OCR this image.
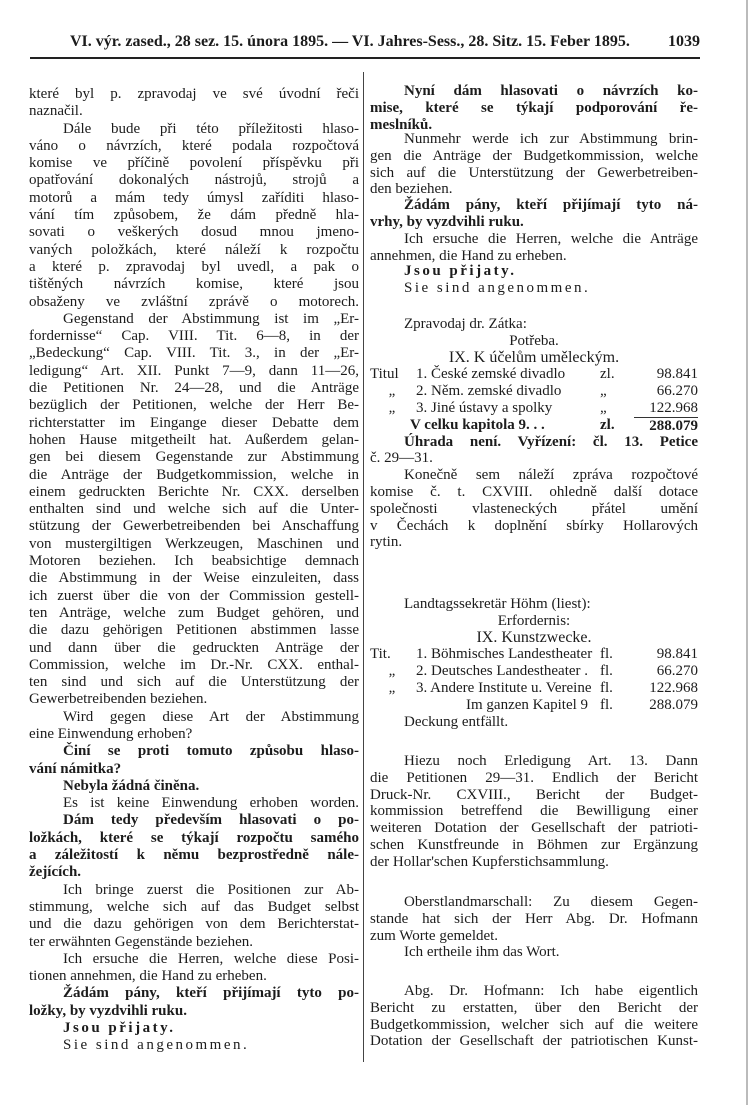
VI. výr. zased., 28 sez. 15. února 1895. — VI. Jahres-Sess., 28. Sitz. 15. Feber 1895. 1039
které byl p. zpravodaj ve své úvodní řeči
naznačil.
Dále bude při této příležitosti hlaso-
váno o návrzích, které podala rozpočtová
komise ve příčině povolení příspěvku při
opatřování dokonalých nástrojů, strojů a
motorů a mám tedy úmysl zaříditi hlaso-
vání tím způsobem, že dám předně hla-
sovati o veškerých dosud mnou jmeno-
vaných položkách, které náleží k rozpočtu
a které p. zpravodaj byl uvedl, a pak o
tištěných návrzích komise, které jsou
obsaženy ve zvláštní zprávě o motorech.
Gegenstand der Abstimmung ist im „Er-
fordernisse“ Cap. VIII. Tit. 6—8, in der
„Bedeckung“ Cap. VIII. Tit. 3., in der „Er-
ledigung“ Art. XII. Punkt 7—9, dann 11—26,
die Petitionen Nr. 24—28, und die Anträge
bezüglich der Petitionen, welche der Herr Be-
richterstatter im Eingange dieser Debatte dem
hohen Hause mitgetheilt hat. Außerdem gelan-
gen bei diesem Gegenstande zur Abstimmung
die Anträge der Budgetkommission, welche in
einem gedruckten Berichte Nr. CXX. derselben
enthalten sind und welche sich auf die Unter-
stützung der Gewerbetreibenden bei Anschaffung
von mustergiltigen Werkzeugen, Maschinen und
Motoren beziehen. Ich beabsichtige demnach
die Abstimmung in der Weise einzuleiten, dass
ich zuerst über die von der Commission gestell-
ten Anträge, welche zum Budget gehören, und
die dazu gehörigen Petitionen abstimmen lasse
und dann über die gedruckten Anträge der
Commission, welche im Dr.-Nr. CXX. enthal-
ten sind und sich auf die Unterstützung der
Gewerbetreibenden beziehen.
Wird gegen diese Art der Abstimmung
eine Einwendung erhoben?
Činí se proti tomuto způsobu hlaso-
vání námitka?
Nebyla žádná činěna.
Es ist keine Einwendung erhoben worden.
Dám tedy především hlasovati o po-
ložkách, které se týkají rozpočtu samého
a záležitostí k němu bezprostředně nále-
žejících.
Ich bringe zuerst die Positionen zur Ab-
stimmung, welche sich auf das Budget selbst
und die dazu gehörigen von dem Berichterstat-
ter erwähnten Gegenstände beziehen.
Ich ersuche die Herren, welche diese Posi-
tionen annehmen, die Hand zu erheben.
Žádám pány, kteří přijímají tyto po-
ložky, by vyzdvihli ruku.
Jsou přijaty.
Sie sind angenommen.
Nyní dám hlasovati o návrzích ko-
mise, které se týkají podporování ře-
meslníků.
Nunmehr werde ich zur Abstimmung brin-
gen die Anträge der Budgetkommission, welche
sich auf die Unterstützung der Gewerbetreiben-
den beziehen.
Žádám pány, kteří přijímají tyto ná-
vrhy, by vyzdvihli ruku.
Ich ersuche die Herren, welche die Anträge
annehmen, die Hand zu erheben.
Jsou přijaty.
Sie sind angenommen.
Zpravodaj dr. Zátka:
Potřeba.
IX. K účelům uměleckým.
Titul	1. České zemské divadlo	zl.	98.841
„	2. Něm. zemské divadlo	„	66.270
„	3. Jiné ústavy a spolky	„	122.968
V celku kapitola 9. . .	zl.	288.079
Úhrada není. Vyřízení: čl. 13. Petice
č. 29—31.
Konečně sem náleží zpráva rozpočtové
komise č. t. CXVIII. ohledně další dotace
společnosti vlasteneckých přátel umění
v Čechách k doplnění sbírky Hollarových
rytin.
Landtagssekretär Höhm (liest):
Erfordernis:
IX. Kunstzwecke.
Tit.	1. Böhmisches Landestheater fl.	98.841
„	2. Deutsches Landestheater . fl.	66.270
„	3. Andere Institute u. Vereine fl.	122.968
Im ganzen Kapitel 9 fl.	288.079
Deckung entfällt.
Hiezu noch Erledigung Art. 13. Dann
die Petitionen 29—31. Endlich der Bericht
Druck-Nr. CXVIII., Bericht der Budget-
kommission betreffend die Bewilligung einer
weiteren Dotation der Gesellschaft der patrioti-
schen Kunstfreunde in Böhmen zur Ergänzung
der Hollar'schen Kupferstichsammlung.
Oberstlandmarschall: Zu diesem Gegen-
stande hat sich der Herr Abg. Dr. Hofmann
zum Worte gemeldet.
Ich ertheile ihm das Wort.
Abg. Dr. Hofmann: Ich habe eigentlich
Bericht zu erstatten, über den Bericht der
Budgetkommission, welcher sich auf die weitere
Dotation der Gesellschaft der patriotischen Kunst-
